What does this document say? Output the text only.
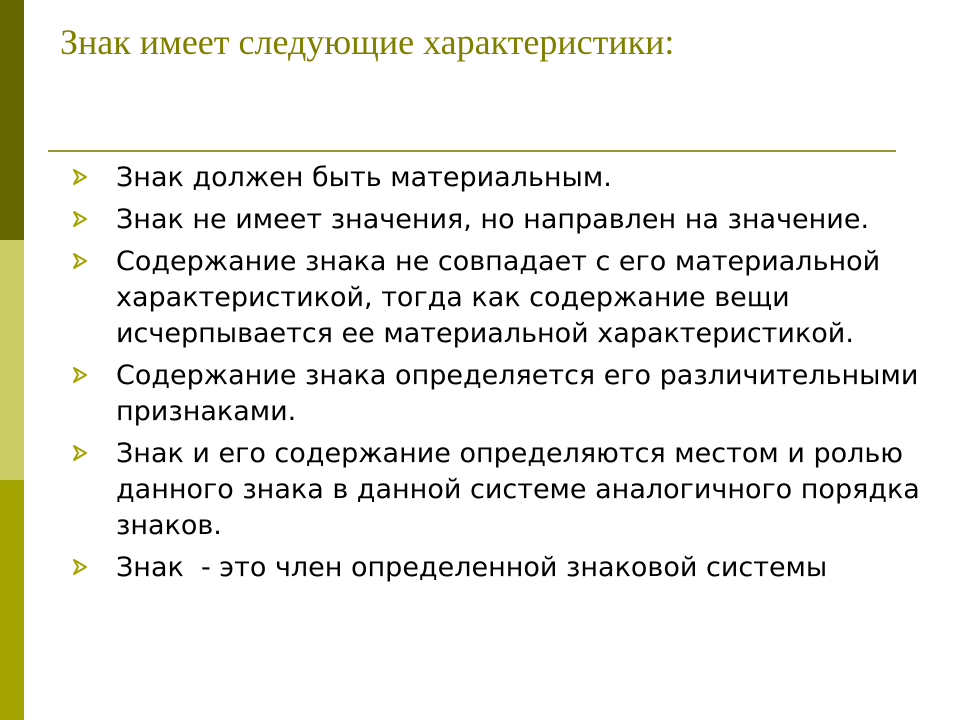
Знак имеет следующие характеристики:
Знак должен быть материальным.
Знак не имеет значения, но направлен на значение.
Содержание знака не совпадает с его материальной характеристикой, тогда как содержание вещи исчерпывается ее материальной характеристикой.
Содержание знака определяется его различительными признаками.
Знак и его содержание определяются местом и ролью данного знака в данной системе аналогичного порядка знаков.
Знак  - это член определенной знаковой системы
